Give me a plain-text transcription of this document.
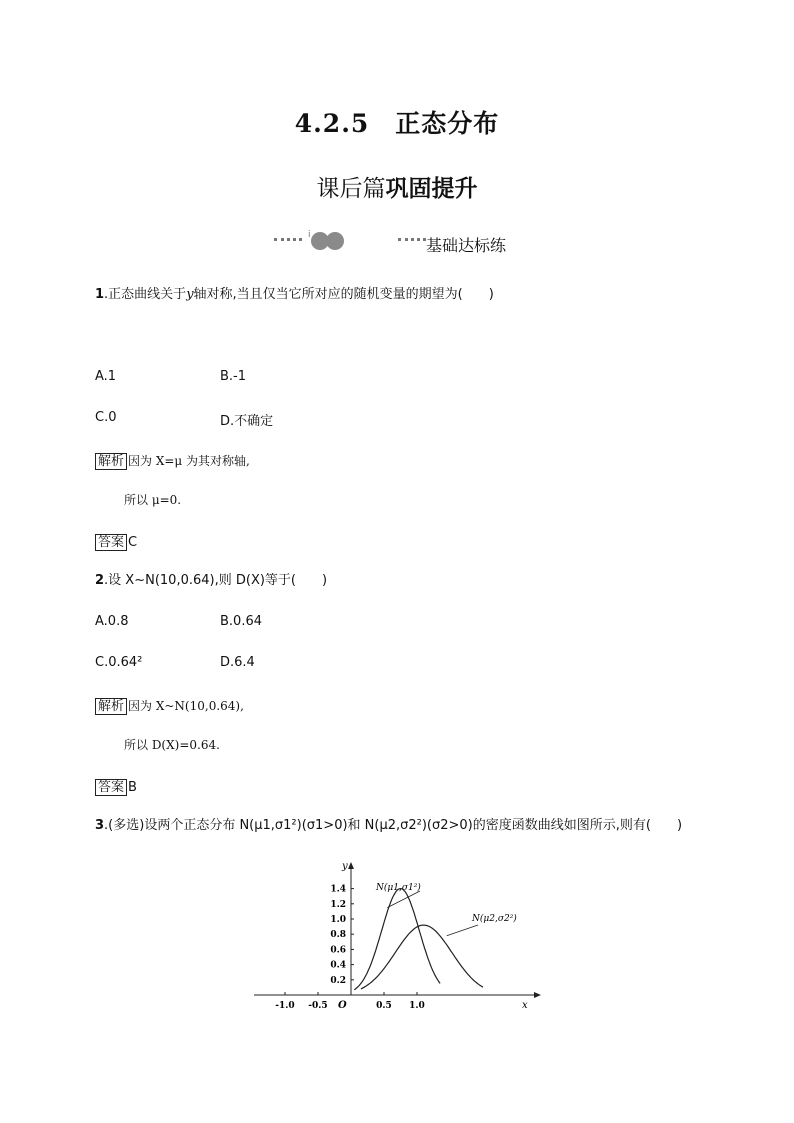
4.2.5　正态分布
课后篇巩固提升
i
基础达标练
1.正态曲线关于y轴对称,当且仅当它所对应的随机变量的期望为(　　)
A.1	B.-1
C.0	D.不确定
解析 因为 X=μ 为其对称轴,
所以 μ=0.
答案 C
2.设 X~N(10,0.64),则 D(X)等于(　　)
A.0.8	B.0.64
C.0.64²	D.6.4
解析 因为 X~N(10,0.64),
所以 D(X)=0.64.
答案 B
3.(多选)设两个正态分布 N(μ1,σ1²)(σ1>0)和 N(μ2,σ2²)(σ2>0)的密度函数曲线如图所示,则有(　　)
-1.0 -0.5	0.5 1.0
0.2
0.4
0.6
0.8
1.0
1.2
1.4
x
y
O
N(μ1,σ1²)
N(μ2,σ2²)
